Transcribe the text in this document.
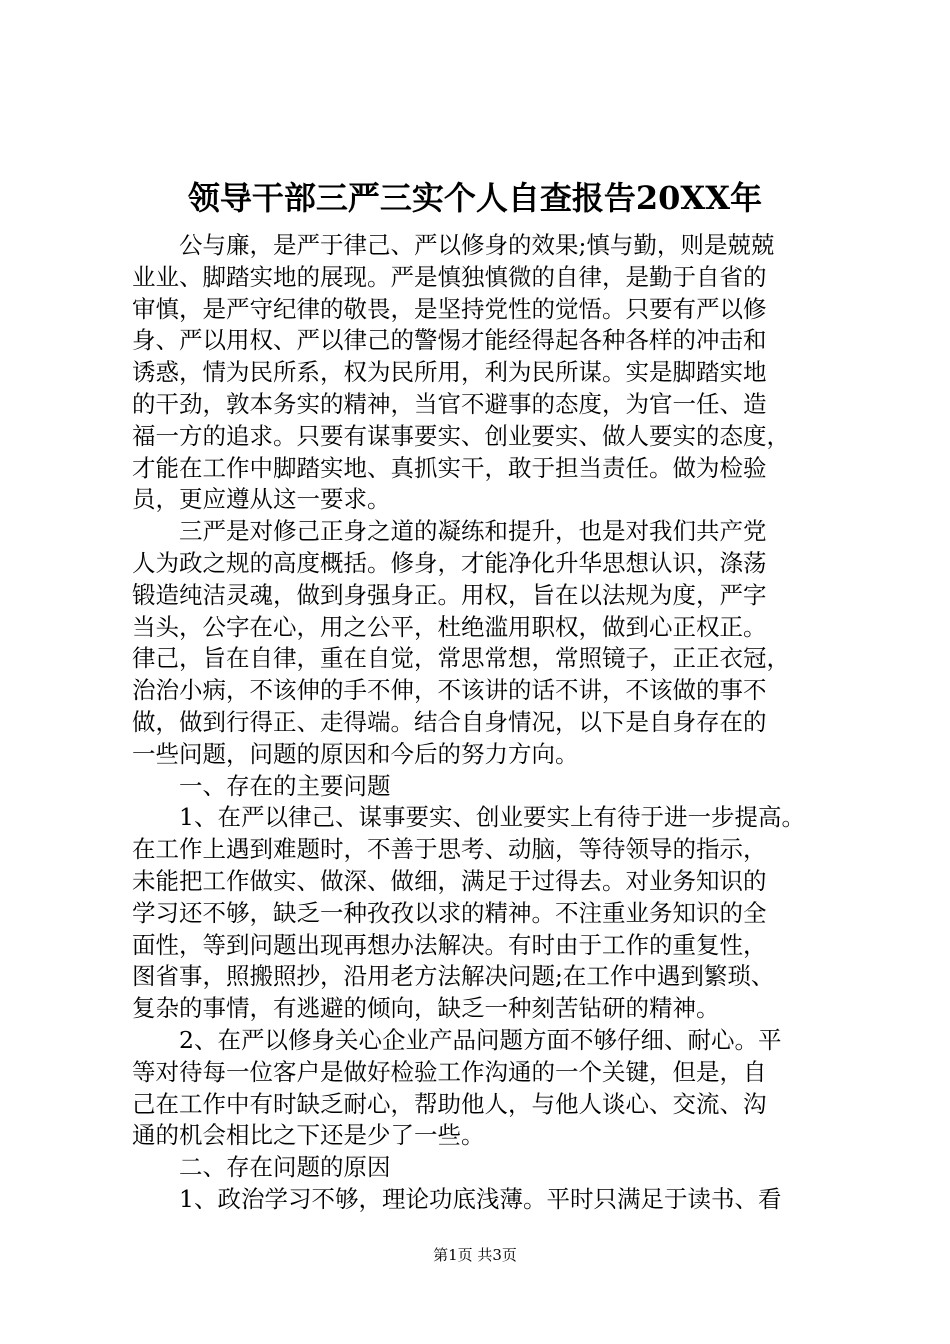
领导干部三严三实个人自查报告20XX年
公与廉，是严于律己、严以修身的效果;慎与勤，则是兢兢
业业、脚踏实地的展现。严是慎独慎微的自律，是勤于自省的
审慎，是严守纪律的敬畏，是坚持党性的觉悟。只要有严以修
身、严以用权、严以律己的警惕才能经得起各种各样的冲击和
诱惑，情为民所系，权为民所用，利为民所谋。实是脚踏实地
的干劲，敦本务实的精神，当官不避事的态度，为官一任、造
福一方的追求。只要有谋事要实、创业要实、做人要实的态度，
才能在工作中脚踏实地、真抓实干，敢于担当责任。做为检验
员，更应遵从这一要求。
三严是对修己正身之道的凝练和提升，也是对我们共产党
人为政之规的高度概括。修身，才能净化升华思想认识，涤荡
锻造纯洁灵魂，做到身强身正。用权，旨在以法规为度，严字
当头，公字在心，用之公平，杜绝滥用职权，做到心正权正。
律己，旨在自律，重在自觉，常思常想，常照镜子，正正衣冠，
治治小病，不该伸的手不伸，不该讲的话不讲，不该做的事不
做，做到行得正、走得端。结合自身情况，以下是自身存在的
一些问题，问题的原因和今后的努力方向。
一、存在的主要问题
1、在严以律己、谋事要实、创业要实上有待于进一步提高。
在工作上遇到难题时，不善于思考、动脑，等待领导的指示，
未能把工作做实、做深、做细，满足于过得去。对业务知识的
学习还不够，缺乏一种孜孜以求的精神。不注重业务知识的全
面性，等到问题出现再想办法解决。有时由于工作的重复性，
图省事，照搬照抄，沿用老方法解决问题;在工作中遇到繁琐、
复杂的事情，有逃避的倾向，缺乏一种刻苦钻研的精神。
2、在严以修身关心企业产品问题方面不够仔细、耐心。平
等对待每一位客户是做好检验工作沟通的一个关键，但是，自
己在工作中有时缺乏耐心，帮助他人，与他人谈心、交流、沟
通的机会相比之下还是少了一些。
二、存在问题的原因
1、政治学习不够，理论功底浅薄。平时只满足于读书、看
第1页 共3页
